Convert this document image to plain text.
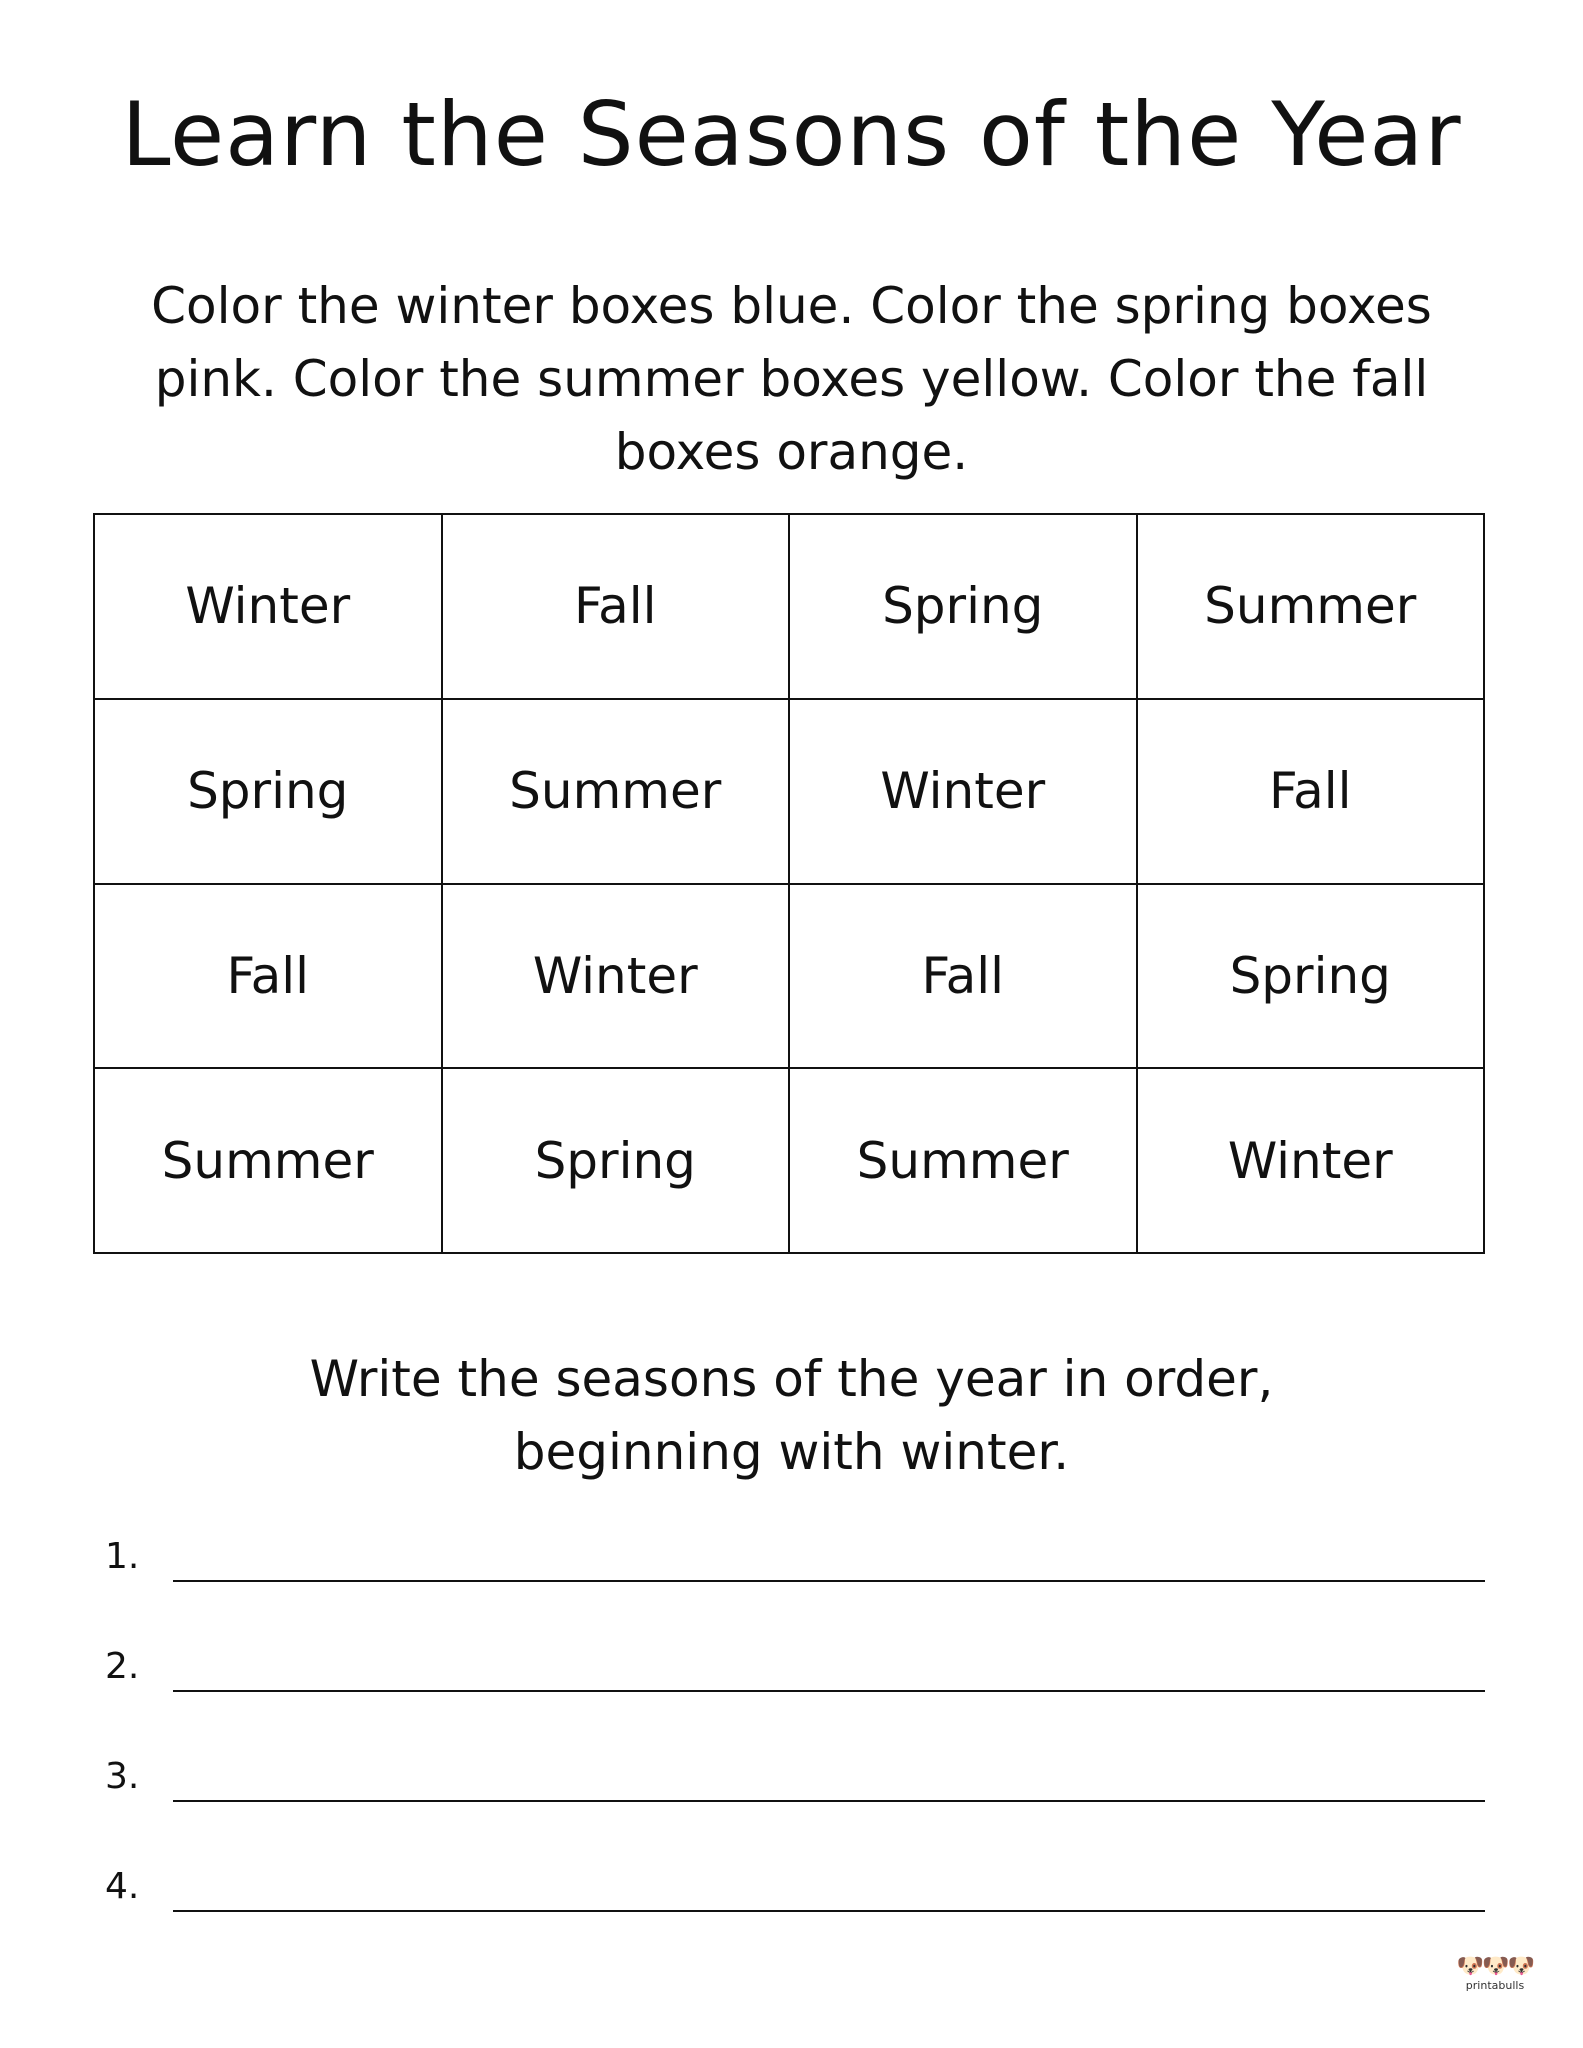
Learn the Seasons of the Year

Color the winter boxes blue. Color the spring boxes pink. Color the summer boxes yellow. Color the fall boxes orange.

Winter	Fall	Spring	Summer
Spring	Summer	Winter	Fall
Fall	Winter	Fall	Spring
Summer	Spring	Summer	Winter
Write the seasons of the year in order,
beginning with winter.
1.
2.
3.
4.
🐶🐶🐶
printabulls
